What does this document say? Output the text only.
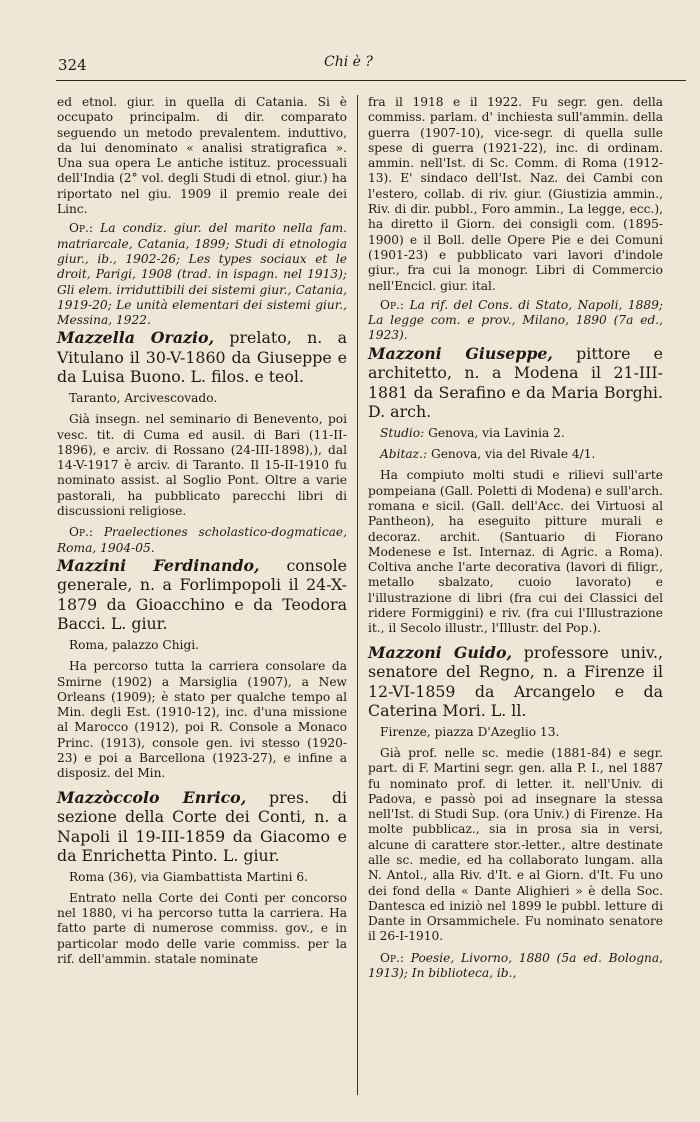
324	Chi è ?

ed etnol. giur. in quella di Catania. Si è occupato principalm. di dir. comparato seguendo un metodo prevalentem. induttivo, da lui denominato « analisi stratigrafica ». Una sua opera Le antiche istituz. processuali dell'India (2° vol. degli Studi di etnol. giur.) ha riportato nel giu. 1909 il premio reale dei Linc.

Op.: La condiz. giur. del marito nella fam. matriarcale, Catania, 1899; Studi di etnologia giur., ib., 1902-26; Les types sociaux et le droit, Parigi, 1908 (trad. in ispagn. nel 1913); Gli elem. irriduttibili dei sistemi giur., Catania, 1919-20; Le unità elementari dei sistemi giur., Messina, 1922.

Mazzella Orazio, prelato, n. a Vitulano il 30-V-1860 da Giuseppe e da Luisa Buono. L. filos. e teol.

Taranto, Arcivescovado.

Già insegn. nel seminario di Benevento, poi vesc. tit. di Cuma ed ausil. di Bari (11-II-1896), e arciv. di Rossano (24-III-1898),), dal 14-V-1917 è arciv. di Taranto. Il 15-II-1910 fu nominato assist. al Soglio Pont. Oltre a varie pastorali, ha pubblicato parecchi libri di discussioni religiose.

Op.: Praelectiones scholastico-dogmaticae, Roma, 1904-05.

Mazzini Ferdinando, console generale, n. a Forlimpopoli il 24-X-1879 da Gioacchino e da Teodora Bacci. L. giur.

Roma, palazzo Chigi.

Ha percorso tutta la carriera consolare da Smirne (1902) a Marsiglia (1907), a New Orleans (1909); è stato per qualche tempo al Min. degli Est. (1910-12), inc. d'una missione al Marocco (1912), poi R. Console a Monaco Princ. (1913), console gen. ivi stesso (1920-23) e poi a Barcellona (1923-27), e infine a disposiz. del Min.

Mazzòccolo Enrico, pres. di sezione della Corte dei Conti, n. a Napoli il 19-III-1859 da Giacomo e da Enrichetta Pinto. L. giur.

Roma (36), via Giambattista Martini 6.

Entrato nella Corte dei Conti per concorso nel 1880, vi ha percorso tutta la carriera. Ha fatto parte di numerose commiss. gov., e in particolar modo delle varie commiss. per la rif. dell'ammin. statale nominate

fra il 1918 e il 1922. Fu segr. gen. della commiss. parlam. d' inchiesta sull'ammin. della guerra (1907-10), vice-segr. di quella sulle spese di guerra (1921-22), inc. di ordinam. ammin. nell'Ist. di Sc. Comm. di Roma (1912-13). E' sindaco dell'Ist. Naz. dei Cambi con l'estero, collab. di riv. giur. (Giustizia ammin., Riv. di dir. pubbl., Foro ammin., La legge, ecc.), ha diretto il Giorn. dei consigli com. (1895-1900) e il Boll. delle Opere Pie e dei Comuni (1901-23) e pubblicato vari lavori d'indole giur., fra cui la monogr. Libri di Commercio nell'Encicl. giur. ital.

Op.: La rif. del Cons. di Stato, Napoli, 1889; La legge com. e prov., Milano, 1890 (7a ed., 1923).

Mazzoni Giuseppe, pittore e architetto, n. a Modena il 21-III-1881 da Serafino e da Maria Borghi. D. arch.

Studio: Genova, via Lavinia 2.

Abitaz.: Genova, via del Rivale 4/1.

Ha compiuto molti studi e rilievi sull'arte pompeiana (Gall. Poletti di Modena) e sull'arch. romana e sicil. (Gall. dell'Acc. dei Virtuosi al Pantheon), ha eseguito pitture murali e decoraz. archit. (Santuario di Fiorano Modenese e Ist. Internaz. di Agric. a Roma). Coltiva anche l'arte decorativa (lavori di filigr., metallo sbalzato, cuoio lavorato) e l'illustrazione di libri (fra cui dei Classici del ridere Formiggini) e riv. (fra cui l'Illustrazione it., il Secolo illustr., l'Illustr. del Pop.).

Mazzoni Guido, professore univ., senatore del Regno, n. a Firenze il 12-VI-1859 da Arcangelo e da Caterina Mori. L. ll.

Firenze, piazza D'Azeglio 13.

Già prof. nelle sc. medie (1881-84) e segr. part. di F. Martini segr. gen. alla P. I., nel 1887 fu nominato prof. di letter. it. nell'Univ. di Padova, e passò poi ad insegnare la stessa nell'Ist. di Studi Sup. (ora Univ.) di Firenze. Ha molte pubblicaz., sia in prosa sia in versi, alcune di carattere stor.-letter., altre destinate alle sc. medie, ed ha collaborato lungam. alla N. Antol., alla Riv. d'It. e al Giorn. d'It. Fu uno dei fond della « Dante Alighieri » è della Soc. Dantesca ed iniziò nel 1899 le pubbl. letture di Dante in Orsammichele. Fu nominato senatore il 26-I-1910.

Op.: Poesie, Livorno, 1880 (5a ed. Bologna, 1913); In biblioteca, ib.,
